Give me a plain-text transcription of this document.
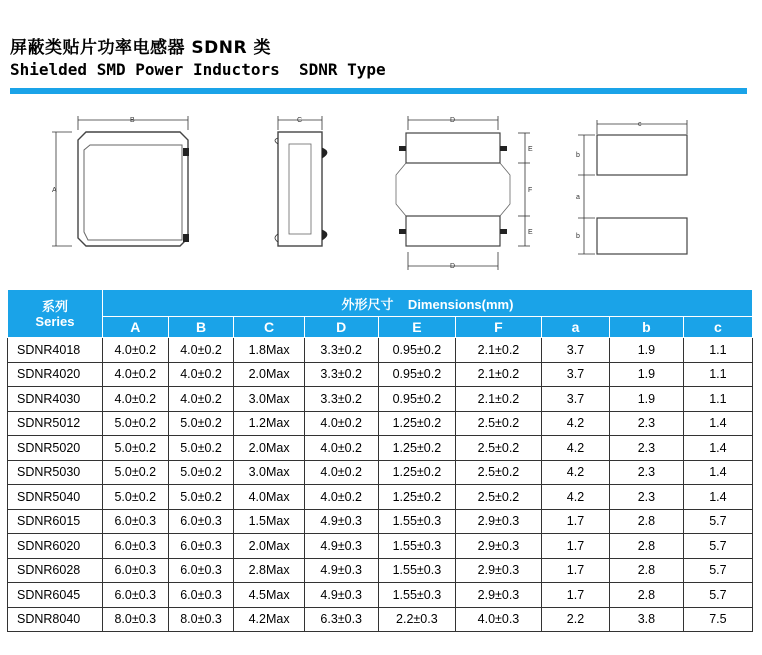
屏蔽类贴片功率电感器 SDNR 类
Shielded SMD Power Inductors  SDNR Type
B
A
C	D
E
F
E
D
c
b
a
b
系列
Series	外形尺寸    Dimensions(mm)								
	A	B	C	D	E	F	a	b	c
SDNR4018	4.0±0.2	4.0±0.2	1.8Max	3.3±0.2	0.95±0.2	2.1±0.2	3.7	1.9	1.1
SDNR4020	4.0±0.2	4.0±0.2	2.0Max	3.3±0.2	0.95±0.2	2.1±0.2	3.7	1.9	1.1
SDNR4030	4.0±0.2	4.0±0.2	3.0Max	3.3±0.2	0.95±0.2	2.1±0.2	3.7	1.9	1.1
SDNR5012	5.0±0.2	5.0±0.2	1.2Max	4.0±0.2	1.25±0.2	2.5±0.2	4.2	2.3	1.4
SDNR5020	5.0±0.2	5.0±0.2	2.0Max	4.0±0.2	1.25±0.2	2.5±0.2	4.2	2.3	1.4
SDNR5030	5.0±0.2	5.0±0.2	3.0Max	4.0±0.2	1.25±0.2	2.5±0.2	4.2	2.3	1.4
SDNR5040	5.0±0.2	5.0±0.2	4.0Max	4.0±0.2	1.25±0.2	2.5±0.2	4.2	2.3	1.4
SDNR6015	6.0±0.3	6.0±0.3	1.5Max	4.9±0.3	1.55±0.3	2.9±0.3	1.7	2.8	5.7
SDNR6020	6.0±0.3	6.0±0.3	2.0Max	4.9±0.3	1.55±0.3	2.9±0.3	1.7	2.8	5.7
SDNR6028	6.0±0.3	6.0±0.3	2.8Max	4.9±0.3	1.55±0.3	2.9±0.3	1.7	2.8	5.7
SDNR6045	6.0±0.3	6.0±0.3	4.5Max	4.9±0.3	1.55±0.3	2.9±0.3	1.7	2.8	5.7
SDNR8040	8.0±0.3	8.0±0.3	4.2Max	6.3±0.3	2.2±0.3	4.0±0.3	2.2	3.8	7.5
